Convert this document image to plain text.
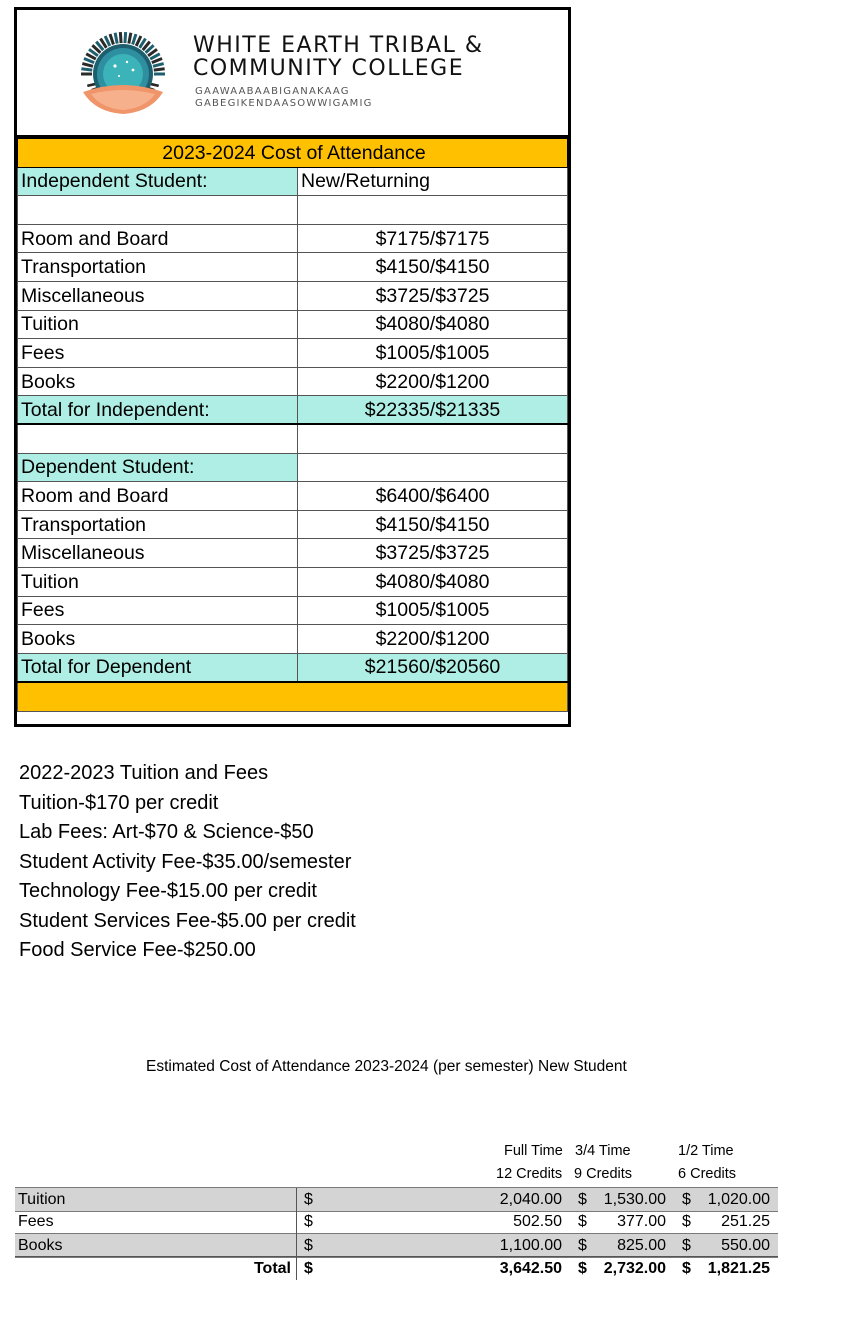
WHITE EARTH TRIBAL &
COMMUNITY COLLEGE
GAAWAABAABIGANAKAAG
GABEGIKENDAASOWWIGAMIG
2023-2024 Cost of Attendance	
Independent Student:	New/Returning

Room and Board	$7175/$7175
Transportation	$4150/$4150
Miscellaneous	$3725/$3725
Tuition	$4080/$4080
Fees	$1005/$1005
Books	$2200/$1200
Total for Independent:	$22335/$21335

Dependent Student:	
Room and Board	$6400/$6400
Transportation	$4150/$4150
Miscellaneous	$3725/$3725
Tuition	$4080/$4080
Fees	$1005/$1005
Books	$2200/$1200
Total for Dependent	$21560/$20560

2022-2023 Tuition and Fees
Tuition-$170 per credit
Lab Fees: Art-$70 & Science-$50
Student Activity Fee-$35.00/semester
Technology Fee-$15.00 per credit
Student Services Fee-$5.00 per credit
Food Service Fee-$250.00
Estimated Cost of Attendance 2023-2024 (per semester) New Student
Full Time 3/4 Time	1/2 Time
12 Credits 9 Credits	6 Credits
Tuition	$	2,040.00 $ 1,530.00 $ 1,020.00
Fees	$	502.50 $ 377.00 $ 251.25
Books	$	1,100.00 $ 825.00 $ 550.00
Total $	3,642.50 $ 2,732.00 $ 1,821.25
